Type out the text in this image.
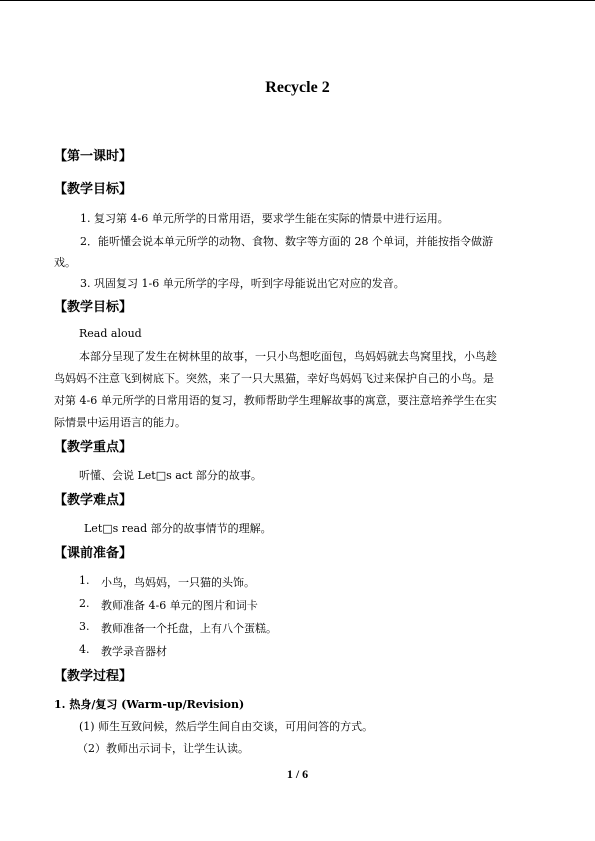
Recycle 2
【第一课时】
【教学目标】
1. 复习第 4-6 单元所学的日常用语，要求学生能在实际的情景中进行运用。
2．能听懂会说本单元所学的动物、食物、数字等方面的 28 个单词，并能按指令做游
戏。
3. 巩固复习 1-6 单元所学的字母，听到字母能说出它对应的发音。
【教学目标】
Read aloud
本部分呈现了发生在树林里的故事，一只小鸟想吃面包，鸟妈妈就去鸟窝里找，小鸟趁
鸟妈妈不注意飞到树底下。突然，来了一只大黑猫，幸好鸟妈妈飞过来保护自己的小鸟。是
对第 4-6 单元所学的日常用语的复习，教师帮助学生理解故事的寓意，要注意培养学生在实
际情景中运用语言的能力。
【教学重点】
听懂、会说 Let□s act 部分的故事。
【教学难点】
Let□s read 部分的故事情节的理解。
【课前准备】
1. 小鸟，鸟妈妈，一只猫的头饰。
2. 教师准备 4-6 单元的图片和词卡
3. 教师准备一个托盘，上有八个蛋糕。
4. 教学录音器材
【教学过程】
1. 热身/复习 (Warm-up/Revision)
(1) 师生互致问候，然后学生间自由交谈，可用问答的方式。
（2）教师出示词卡，让学生认读。
1 / 6
